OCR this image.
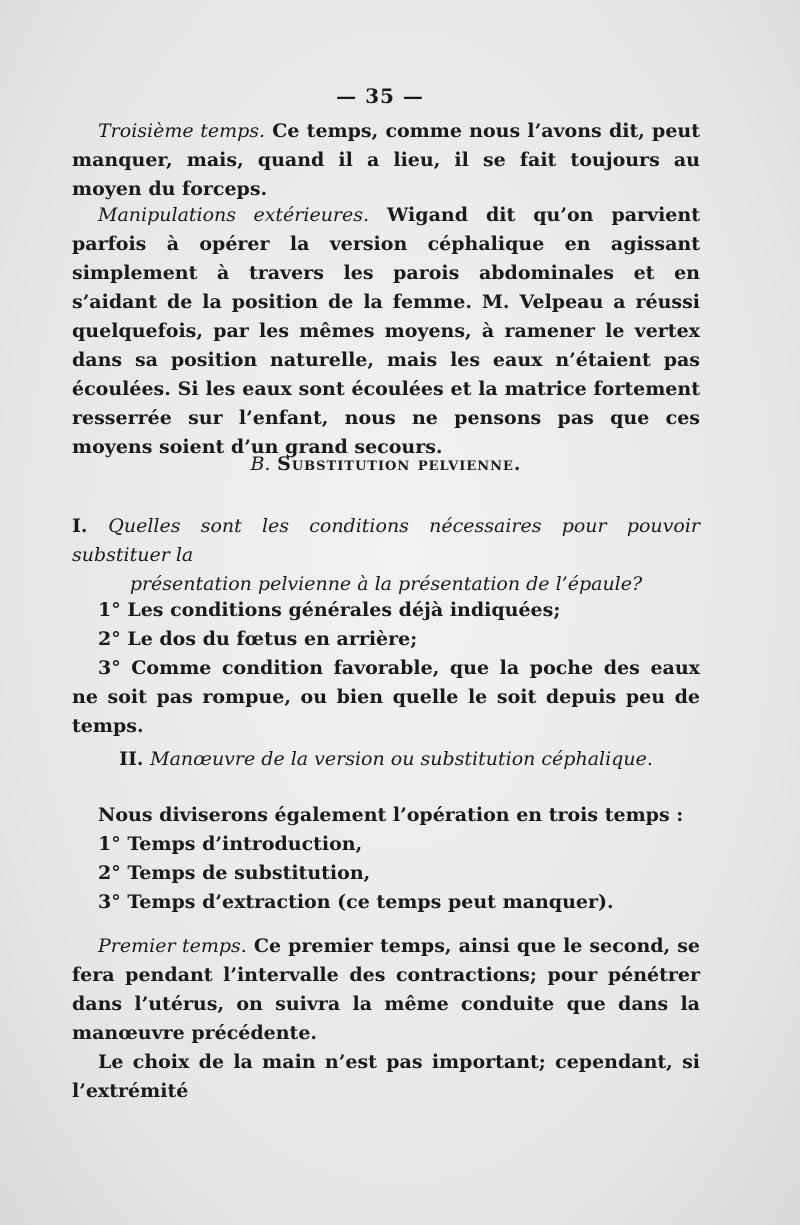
— 35 —

Troisième temps. Ce temps, comme nous l’avons dit, peut manquer, mais, quand il a lieu, il se fait toujours au moyen du forceps.

Manipulations extérieures. Wigand dit qu’on parvient parfois à opérer la version céphalique en agissant simplement à travers les parois abdominales et en s’aidant de la position de la femme. M. Velpeau a réussi quelquefois, par les mêmes moyens, à ramener le vertex dans sa position naturelle, mais les eaux n’étaient pas écoulées. Si les eaux sont écoulées et la matrice fortement resserrée sur l’enfant, nous ne pensons pas que ces moyens soient d’un grand secours.

B. Substitution pelvienne.
I. Quelles sont les conditions nécessaires pour pouvoir substituer la
présentation pelvienne à la présentation de l’épaule?

1° Les conditions générales déjà indiquées;

2° Le dos du fœtus en arrière;

3° Comme condition favorable, que la poche des eaux ne soit pas rompue, ou bien quelle le soit depuis peu de temps.

II. Manœuvre de la version ou substitution céphalique.

Nous diviserons également l’opération en trois temps :

1° Temps d’introduction,

2° Temps de substitution,

3° Temps d’extraction (ce temps peut manquer).

Premier temps. Ce premier temps, ainsi que le second, se fera pendant l’intervalle des contractions; pour pénétrer dans l’utérus, on suivra la même conduite que dans la manœuvre précédente.

Le choix de la main n’est pas important; cependant, si l’extrémité
